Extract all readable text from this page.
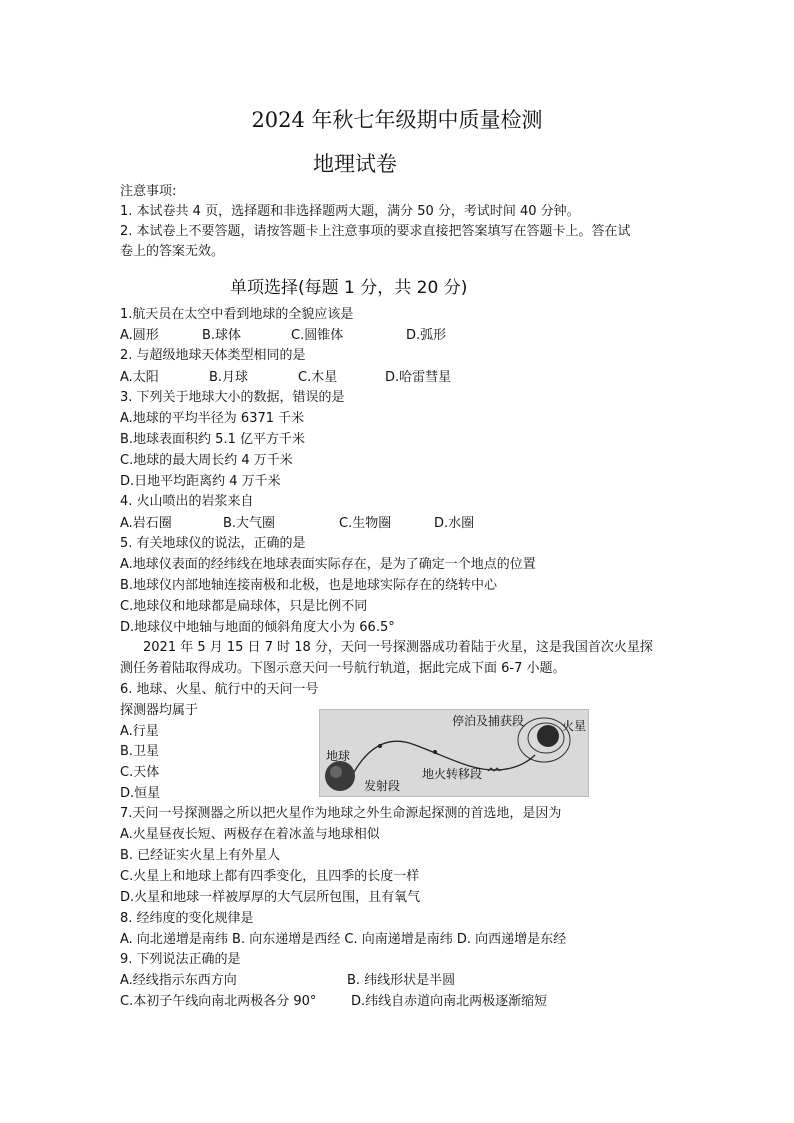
2024 年秋七年级期中质量检测
地理试卷
注意事项:
1. 本试卷共 4 页，选择题和非选择题两大题，满分 50 分，考试时间 40 分钟。
2. 本试卷上不要答题，请按答题卡上注意事项的要求直接把答案填写在答题卡上。答在试
卷上的答案无效。
单项选择(每题 1 分，共 20 分)
1.航天员在太空中看到地球的全貌应该是
A.圆形	B.球体	C.圆锥体	D.弧形
2. 与超级地球天体类型相同的是
A.太阳	B.月球	C.木星	D.哈雷彗星
3. 下列关于地球大小的数据，错误的是
A.地球的平均半径为 6371 千米
B.地球表面积约 5.1 亿平方千米
C.地球的最大周长约 4 万千米
D.日地平均距离约 4 万千米
4. 火山喷出的岩浆来自
A.岩石圈	B.大气圈	C.生物圈	D.水圈
5. 有关地球仪的说法，正确的是
A.地球仪表面的经纬线在地球表面实际存在，是为了确定一个地点的位置
B.地球仪内部地轴连接南极和北极，也是地球实际存在的绕转中心
C.地球仪和地球都是扁球体，只是比例不同
D.地球仪中地轴与地面的倾斜角度大小为 66.5°
2021 年 5 月 15 日 7 时 18 分，天问一号探测器成功着陆于火星，这是我国首次火星探
测任务着陆取得成功。下图示意天问一号航行轨道，据此完成下面 6-7 小题。
6. 地球、火星、航行中的天问一号
探测器均属于
A.行星
B.卫星
C.天体
D.恒星
地球
火星
发射段
地火转移段
停泊及捕获段
7.天问一号探测器之所以把火星作为地球之外生命源起探测的首选地，是因为
A.火星昼夜长短、两极存在着冰盖与地球相似
B. 已经证实火星上有外星人
C.火星上和地球上都有四季变化，且四季的长度一样
D.火星和地球一样被厚厚的大气层所包围，且有氧气
8. 经纬度的变化规律是
A. 向北递增是南纬 B. 向东递增是西经 C. 向南递增是南纬 D. 向西递增是东经
9. 下列说法正确的是
A.经线指示东西方向	B. 纬线形状是半圆
C.本初子午线向南北两极各分 90°	D.纬线自赤道向南北两极逐渐缩短
